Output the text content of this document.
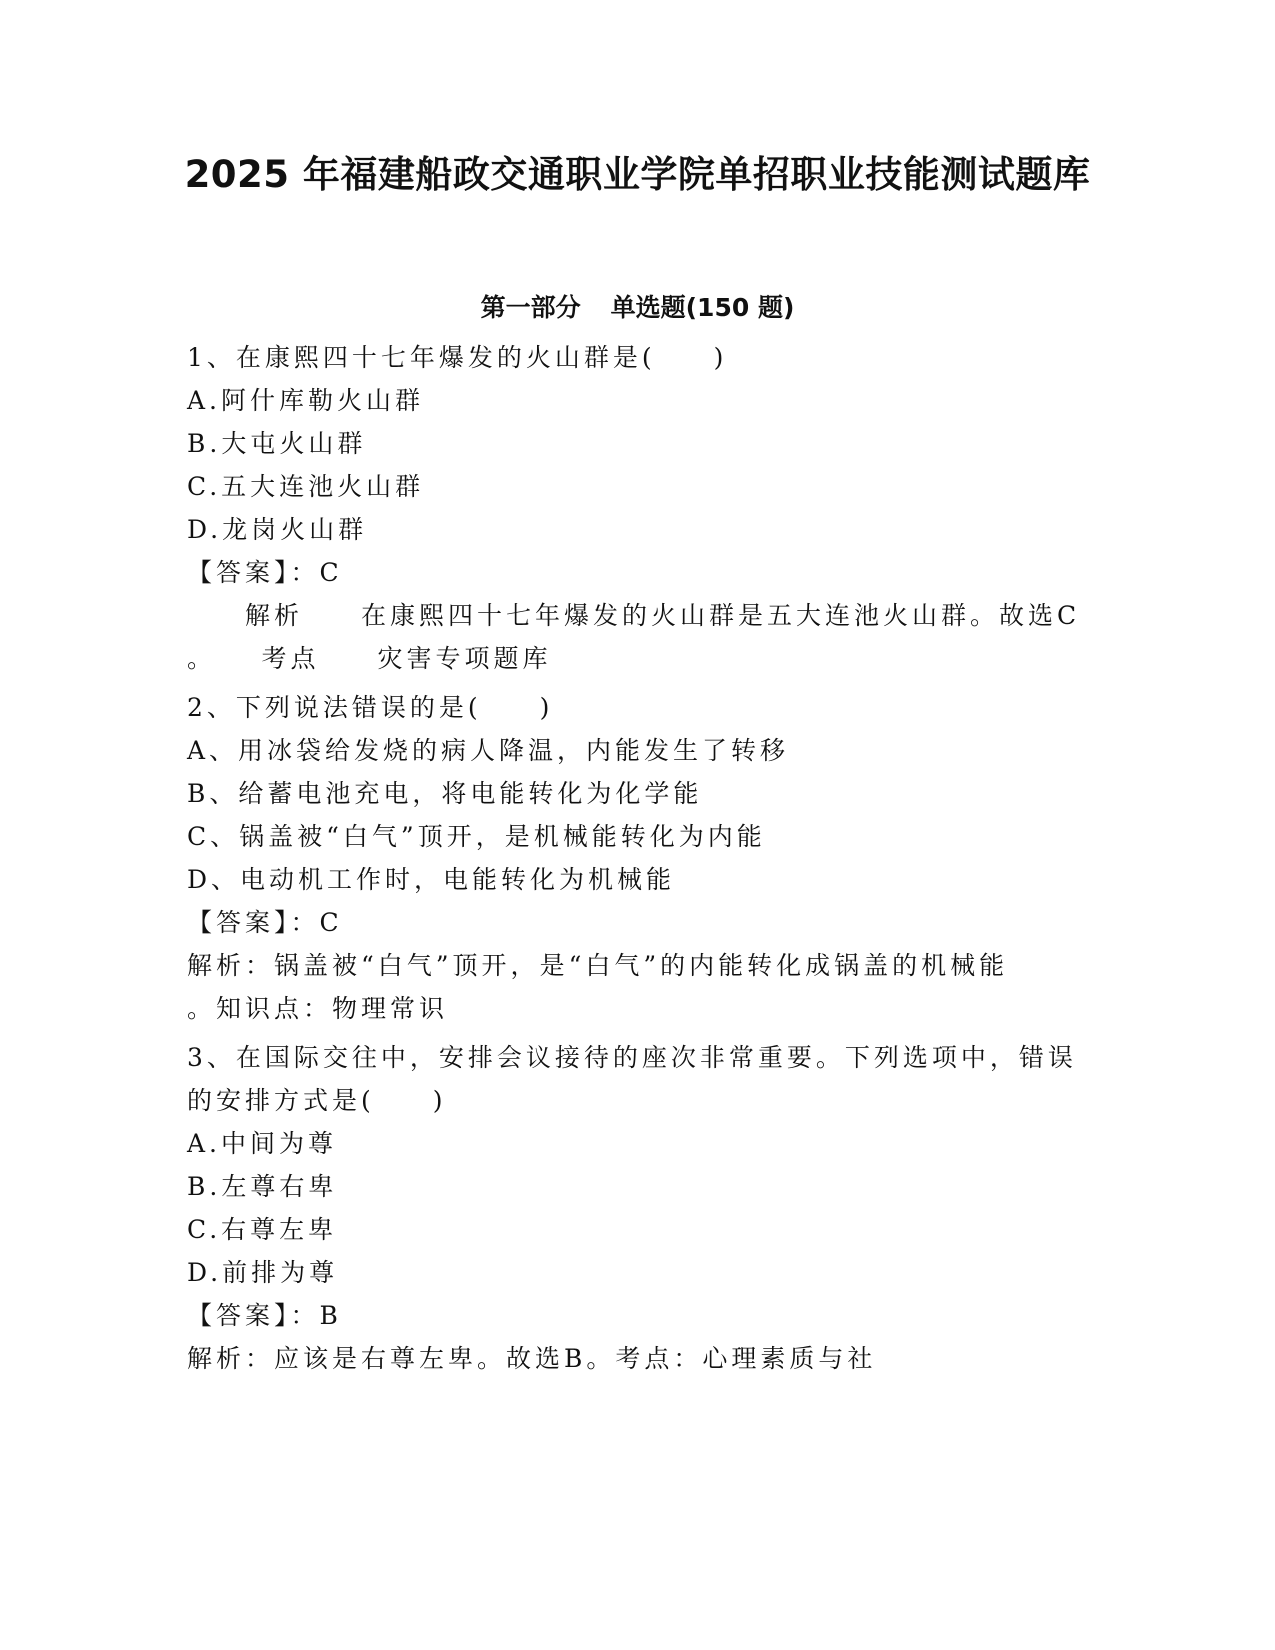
2025 年福建船政交通职业学院单招职业技能测试题库
第一部分 单选题(150 题)
1、在康熙四十七年爆发的火山群是(　　)
A.阿什库勒火山群
B.大屯火山群
C.五大连池火山群
D.龙岗火山群
【答案】：C
　　解析　　在康熙四十七年爆发的火山群是五大连池火山群。故选C
。　　考点　　灾害专项题库
2、下列说法错误的是(　　)
A、用冰袋给发烧的病人降温，内能发生了转移
B、给蓄电池充电，将电能转化为化学能
C、锅盖被“白气”顶开，是机械能转化为内能
D、电动机工作时，电能转化为机械能
【答案】：C
解析：锅盖被“白气”顶开，是“白气”的内能转化成锅盖的机械能
。知识点：物理常识
3、在国际交往中，安排会议接待的座次非常重要。下列选项中，错误
的安排方式是(　　)
A.中间为尊
B.左尊右卑
C.右尊左卑
D.前排为尊
【答案】：B
解析：应该是右尊左卑。故选B。考点：心理素质与社
